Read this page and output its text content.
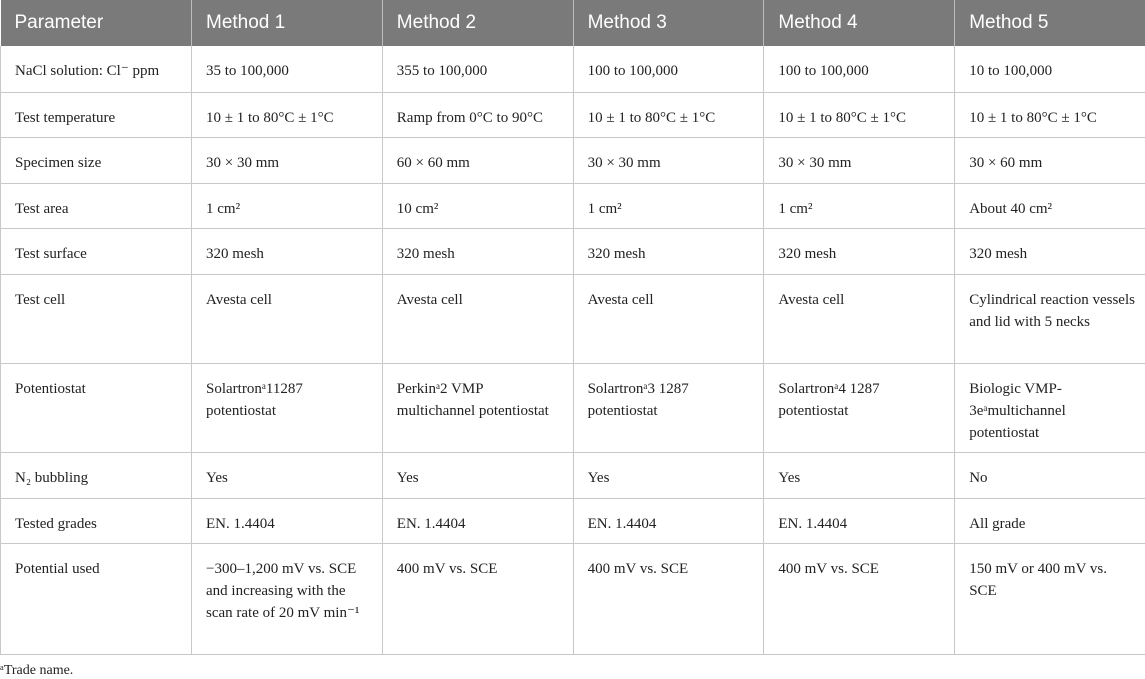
Parameter	Method 1	Method 2	Method 3	Method 4	Method 5
NaCl solution: Cl⁻ ppm	35 to 100,000	355 to 100,000	100 to 100,000	100 to 100,000	10 to 100,000
Test temperature	10 ± 1 to 80°C ± 1°C	Ramp from 0°C to 90°C	10 ± 1 to 80°C ± 1°C	10 ± 1 to 80°C ± 1°C	10 ± 1 to 80°C ± 1°C
Specimen size	30 × 30 mm	60 × 60 mm	30 × 30 mm	30 × 30 mm	30 × 60 mm
Test area	1 cm²	10 cm²	1 cm²	1 cm²	About 40 cm²
Test surface	320 mesh	320 mesh	320 mesh	320 mesh	320 mesh
Test cell	Avesta cell	Avesta cell	Avesta cell	Avesta cell	Cylindrical reaction vessels and lid with 5 necks
Potentiostat	Solartronᵃ11287 potentiostat	Perkinᵃ2 VMP multichannel potentiostat	Solartronᵃ3 1287 potentiostat	Solartronᵃ4 1287 potentiostat	Biologic VMP-3eᵃmultichannel potentiostat
N₂ bubbling	Yes	Yes	Yes	Yes	No
Tested grades	EN. 1.4404	EN. 1.4404	EN. 1.4404	EN. 1.4404	All grade
Potential used	−300–1,200 mV vs. SCE and increasing with the scan rate of 20 mV min⁻¹	400 mV vs. SCE	400 mV vs. SCE	400 mV vs. SCE	150 mV or 400 mV vs. SCE
ᵃTrade name.
